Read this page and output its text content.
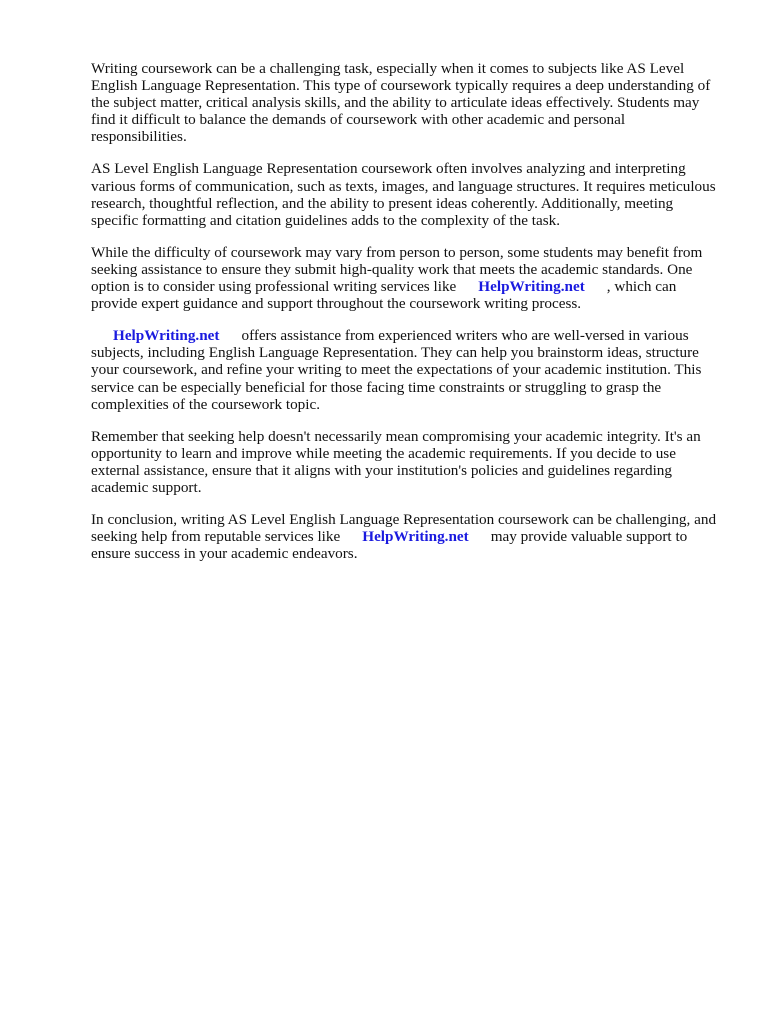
Writing coursework can be a challenging task, especially when it comes to subjects like AS Level English Language Representation. This type of coursework typically requires a deep understanding of the subject matter, critical analysis skills, and the ability to articulate ideas effectively. Students may find it difficult to balance the demands of coursework with other academic and personal responsibilities.

AS Level English Language Representation coursework often involves analyzing and interpreting various forms of communication, such as texts, images, and language structures. It requires meticulous research, thoughtful reflection, and the ability to present ideas coherently. Additionally, meeting specific formatting and citation guidelines adds to the complexity of the task.

While the difficulty of coursework may vary from person to person, some students may benefit from seeking assistance to ensure they submit high-quality work that meets the academic standards. One option is to consider using professional writing services like HelpWriting.net , which can provide expert guidance and support throughout the coursework writing process.

HelpWriting.net offers assistance from experienced writers who are well-versed in various subjects, including English Language Representation. They can help you brainstorm ideas, structure your coursework, and refine your writing to meet the expectations of your academic institution. This service can be especially beneficial for those facing time constraints or struggling to grasp the complexities of the coursework topic.

Remember that seeking help doesn't necessarily mean compromising your academic integrity. It's an opportunity to learn and improve while meeting the academic requirements. If you decide to use external assistance, ensure that it aligns with your institution's policies and guidelines regarding academic support.

In conclusion, writing AS Level English Language Representation coursework can be challenging, and seeking help from reputable services like HelpWriting.net may provide valuable support to ensure success in your academic endeavors.
